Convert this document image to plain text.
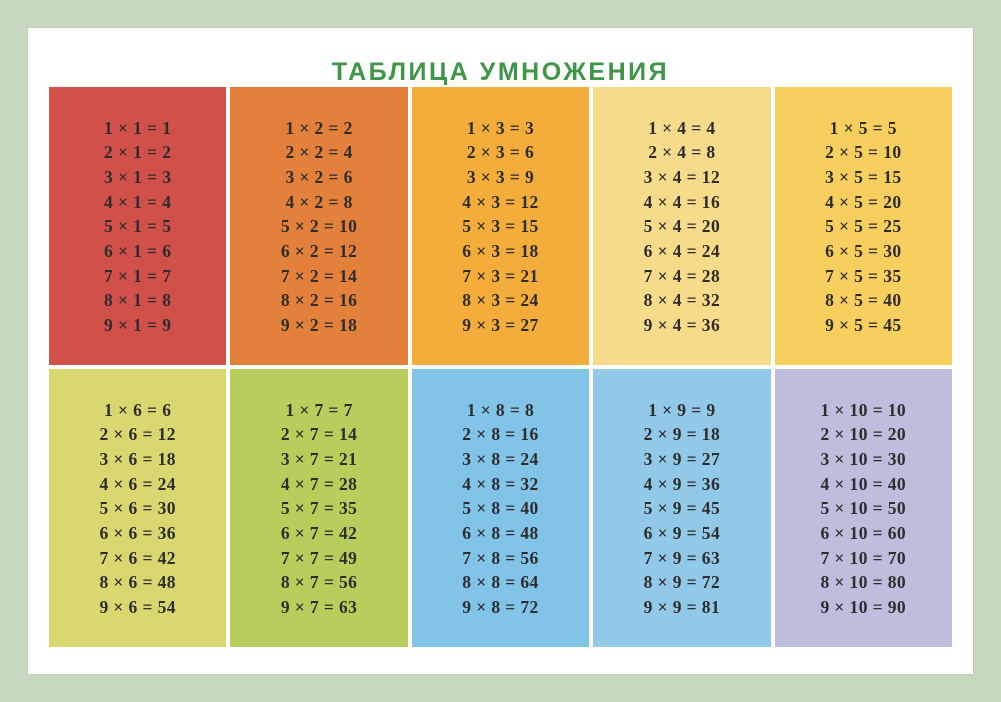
ТАБЛИЦА УМНОЖЕНИЯ
1 × 1 = 1
2 × 1 = 2
3 × 1 = 3
4 × 1 = 4
5 × 1 = 5
6 × 1 = 6
7 × 1 = 7
8 × 1 = 8
9 × 1 = 9
1 × 2 = 2
2 × 2 = 4
3 × 2 = 6
4 × 2 = 8
5 × 2 = 10
6 × 2 = 12
7 × 2 = 14
8 × 2 = 16
9 × 2 = 18
1 × 3 = 3
2 × 3 = 6
3 × 3 = 9
4 × 3 = 12
5 × 3 = 15
6 × 3 = 18
7 × 3 = 21
8 × 3 = 24
9 × 3 = 27
1 × 4 = 4
2 × 4 = 8
3 × 4 = 12
4 × 4 = 16
5 × 4 = 20
6 × 4 = 24
7 × 4 = 28
8 × 4 = 32
9 × 4 = 36
1 × 5 = 5
2 × 5 = 10
3 × 5 = 15
4 × 5 = 20
5 × 5 = 25
6 × 5 = 30
7 × 5 = 35
8 × 5 = 40
9 × 5 = 45
1 × 6 = 6
2 × 6 = 12
3 × 6 = 18
4 × 6 = 24
5 × 6 = 30
6 × 6 = 36
7 × 6 = 42
8 × 6 = 48
9 × 6 = 54
1 × 7 = 7
2 × 7 = 14
3 × 7 = 21
4 × 7 = 28
5 × 7 = 35
6 × 7 = 42
7 × 7 = 49
8 × 7 = 56
9 × 7 = 63
1 × 8 = 8
2 × 8 = 16
3 × 8 = 24
4 × 8 = 32
5 × 8 = 40
6 × 8 = 48
7 × 8 = 56
8 × 8 = 64
9 × 8 = 72
1 × 9 = 9
2 × 9 = 18
3 × 9 = 27
4 × 9 = 36
5 × 9 = 45
6 × 9 = 54
7 × 9 = 63
8 × 9 = 72
9 × 9 = 81
1 × 10 = 10
2 × 10 = 20
3 × 10 = 30
4 × 10 = 40
5 × 10 = 50
6 × 10 = 60
7 × 10 = 70
8 × 10 = 80
9 × 10 = 90
